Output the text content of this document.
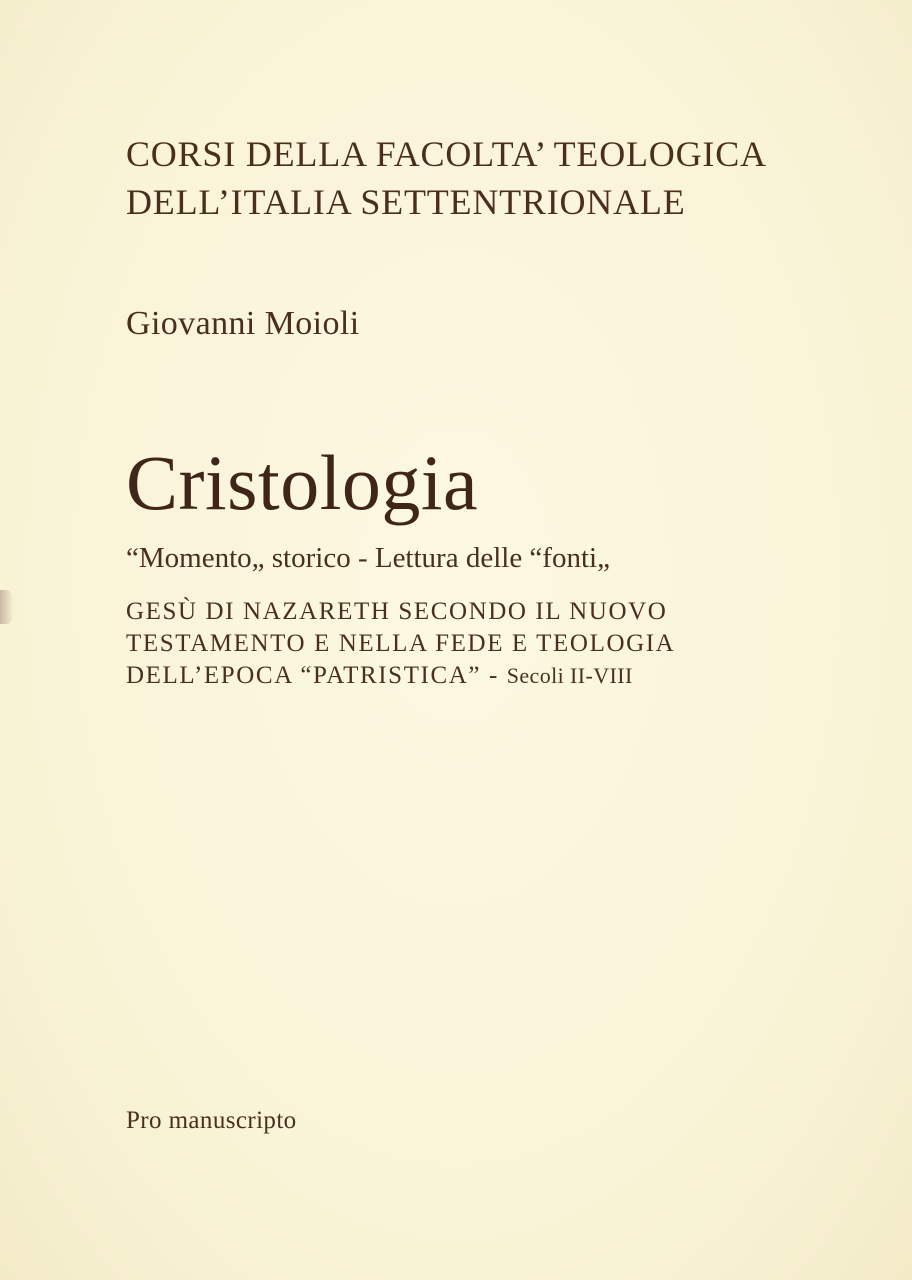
CORSI DELLA FACOLTA’ TEOLOGICA
DELL’ITALIA SETTENTRIONALE
Giovanni Moioli
Cristologia
“Momento„ storico - Lettura delle “fonti„
GESÙ DI NAZARETH SECONDO IL NUOVO
TESTAMENTO E NELLA FEDE E TEOLOGIA
DELL’EPOCA “PATRISTICA” - Secoli II-VIII
Pro manuscripto
